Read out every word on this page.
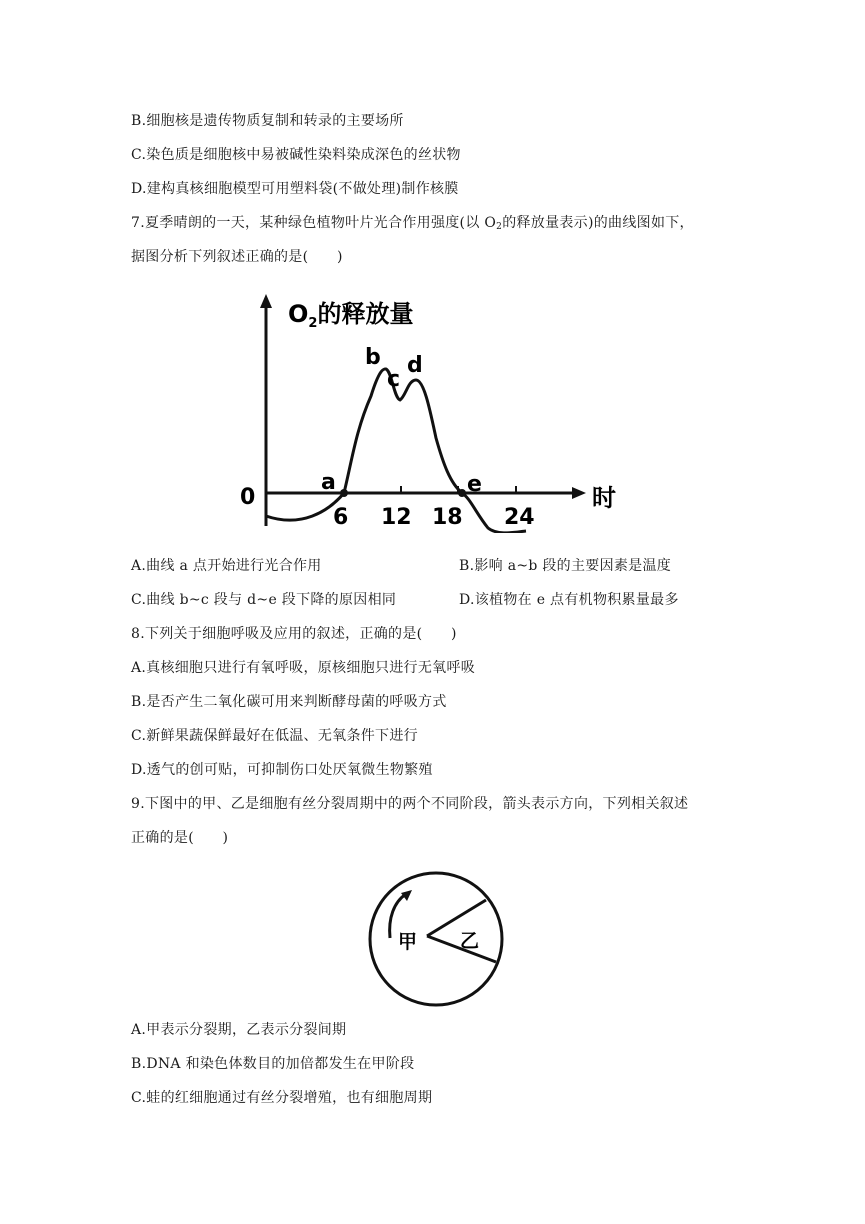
B.细胞核是遗传物质复制和转录的主要场所
C.染色质是细胞核中易被碱性染料染成深色的丝状物
D.建构真核细胞模型可用塑料袋(不做处理)制作核膜
7.夏季晴朗的一天，某种绿色植物叶片光合作用强度(以 $O_2$的释放量表示)的曲线图如下，
据图分析下列叙述正确的是(　　)
$O_2$的释放量
时
0
6 12 18 24
a
b
c
d
e
A.曲线 a 点开始进行光合作用	B.影响 a~b 段的主要因素是温度
C.曲线 b~c 段与 d~e 段下降的原因相同	D.该植物在 e 点有机物积累量最多
8.下列关于细胞呼吸及应用的叙述，正确的是(　　)
A.真核细胞只进行有氧呼吸，原核细胞只进行无氧呼吸
B.是否产生二氧化碳可用来判断酵母菌的呼吸方式
C.新鲜果蔬保鲜最好在低温、无氧条件下进行
D.透气的创可贴，可抑制伤口处厌氧微生物繁殖
9.下图中的甲、乙是细胞有丝分裂周期中的两个不同阶段，箭头表示方向，下列相关叙述
正确的是(　　)
甲 乙
A.甲表示分裂期，乙表示分裂间期
B.DNA 和染色体数目的加倍都发生在甲阶段
C.蛙的红细胞通过有丝分裂增殖，也有细胞周期
